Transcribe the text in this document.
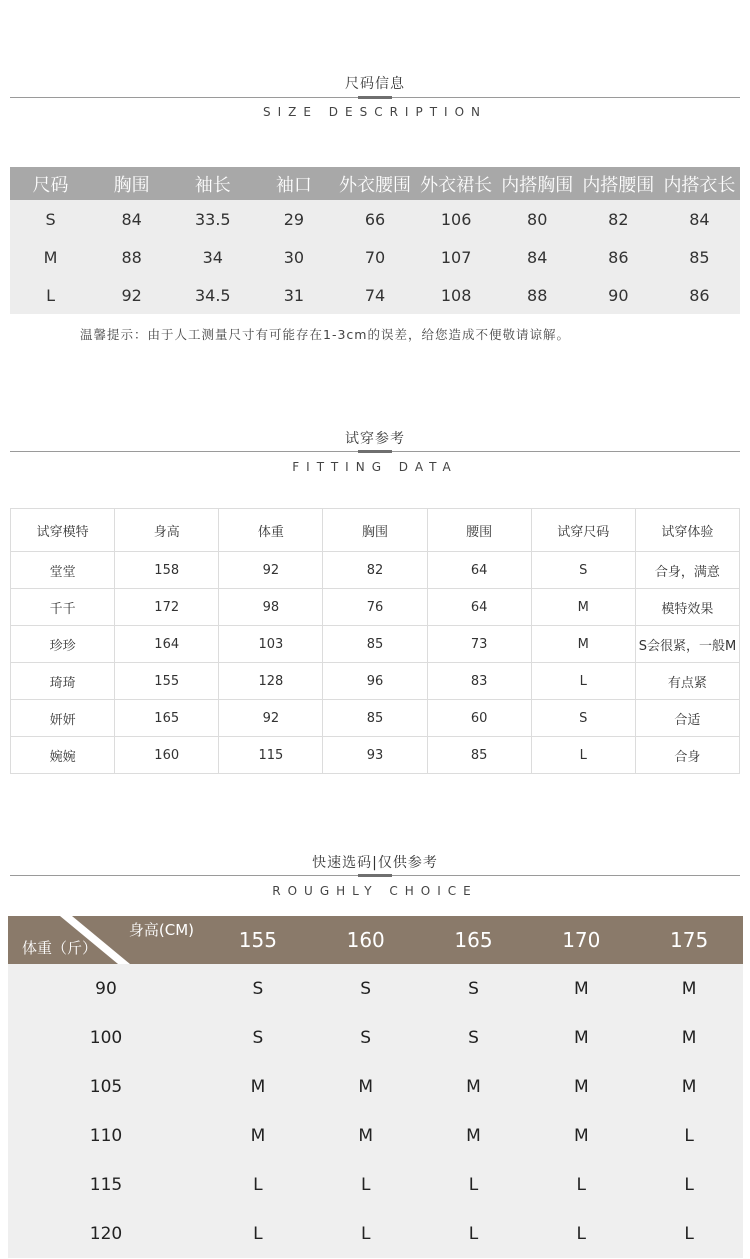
尺码信息
SIZE DESCRIPTION
尺码	胸围	袖长	袖口	外衣腰围	外衣裙长	内搭胸围	内搭腰围	内搭衣长
S	84	33.5	29	66	106	80	82	84
M	88	34	30	70	107	84	86	85
L	92	34.5	31	74	108	88	90	86
温馨提示：由于人工测量尺寸有可能存在1-3cm的误差，给您造成不便敬请谅解。
试穿参考
FITTING DATA
试穿模特	身高	体重	胸围	腰围	试穿尺码	试穿体验
堂堂	158	92	82	64	S	合身，满意
千千	172	98	76	64	M	模特效果
珍珍	164	103	85	73	M	S会很紧，一般M
琦琦	155	128	96	83	L	有点紧
妍妍	165	92	85	60	S	合适
婉婉	160	115	93	85	L	合身
快速选码|仅供参考
ROUGHLY CHOICE
身高(CM)
体重（斤）	155	160	165	170	175
90	S	S	S	M	M
100	S	S	S	M	M
105	M	M	M	M	M
110	M	M	M	M	L
115	L	L	L	L	L
120	L	L	L	L	L
